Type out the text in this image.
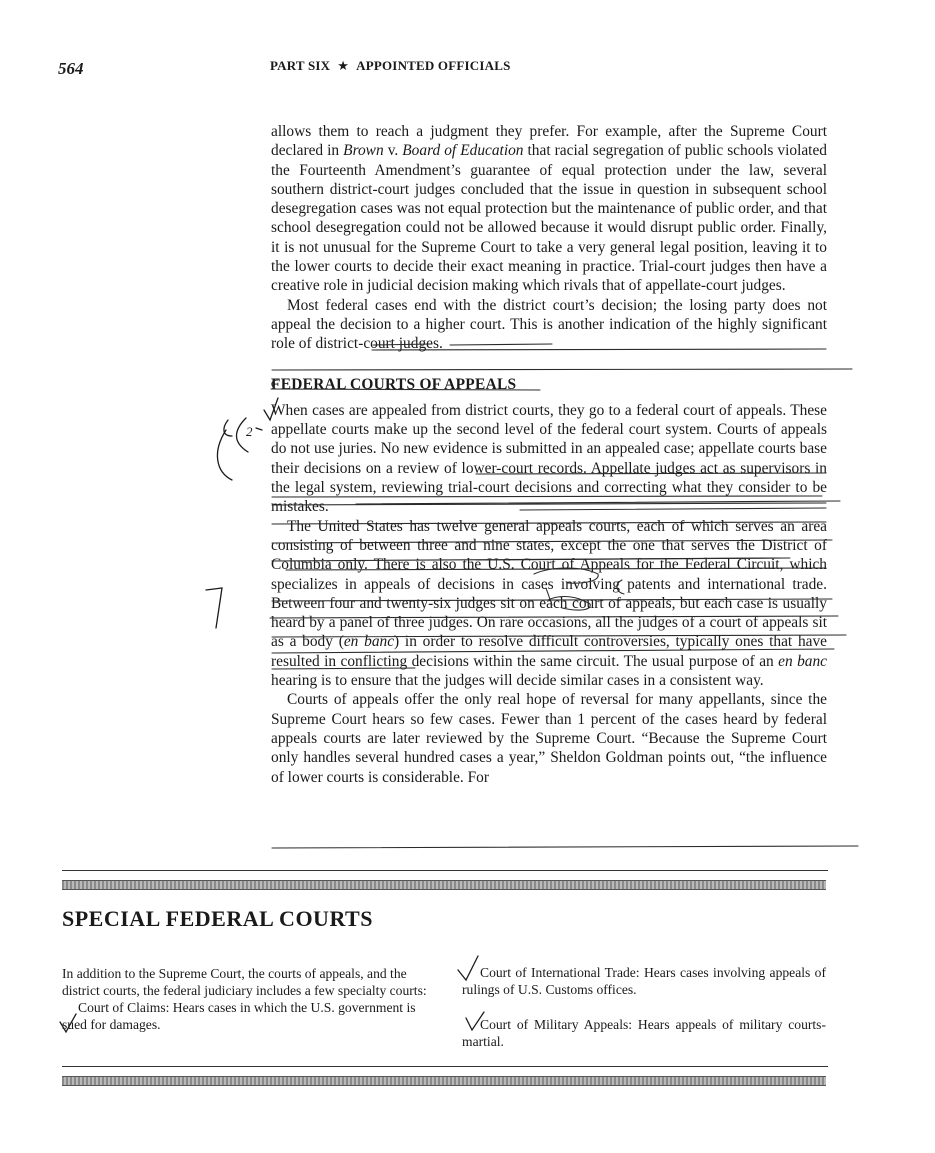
564	PART SIX ★ APPOINTED OFFICIALS

allows them to reach a judgment they prefer. For example, after the Supreme Court declared in Brown v. Board of Education that racial segregation of public schools violated the Fourteenth Amendment’s guarantee of equal protection under the law, several southern district-court judges concluded that the issue in question in subsequent school desegregation cases was not equal protection but the maintenance of public order, and that school desegregation could not be allowed because it would disrupt public order. Finally, it is not unusual for the Supreme Court to take a very general legal position, leaving it to the lower courts to decide their exact meaning in practice. Trial-court judges then have a creative role in judicial decision making which rivals that of appellate-court judges.

Most federal cases end with the district court’s decision; the losing party does not appeal the decision to a higher court. This is another indication of the highly significant role of district-court judges.

FEDERAL COURTS OF APPEALS

When cases are appealed from district courts, they go to a federal court of appeals. These appellate courts make up the second level of the federal court system. Courts of appeals do not use juries. No new evidence is submitted in an appealed case; appellate courts base their decisions on a review of lower-court records. Appellate judges act as supervisors in the legal system, reviewing trial-court decisions and correcting what they consider to be mistakes.

The United States has twelve general appeals courts, each of which serves an area consisting of between three and nine states, except the one that serves the District of Columbia only. There is also the U.S. Court of Appeals for the Federal Circuit, which specializes in appeals of decisions in cases involving patents and international trade. Between four and twenty-six judges sit on each court of appeals, but each case is usually heard by a panel of three judges. On rare occasions, all the judges of a court of appeals sit as a body (en banc) in order to resolve difficult controversies, typically ones that have resulted in conflicting decisions within the same circuit. The usual purpose of an en banc hearing is to ensure that the judges will decide similar cases in a consistent way.

Courts of appeals offer the only real hope of reversal for many appellants, since the Supreme Court hears so few cases. Fewer than 1 percent of the cases heard by federal appeals courts are later reviewed by the Supreme Court. “Because the Supreme Court only handles several hundred cases a year,” Sheldon Goldman points out, “the influence of lower courts is considerable. For

2
SPECIAL FEDERAL COURTS

In addition to the Supreme Court, the courts of appeals, and the district courts, the federal judiciary includes a few specialty courts:

Court of Claims: Hears cases in which the U.S. government is sued for damages.

Court of International Trade: Hears cases involving appeals of rulings of U.S. Customs offices.

Court of Military Appeals: Hears appeals of military courts-martial.
